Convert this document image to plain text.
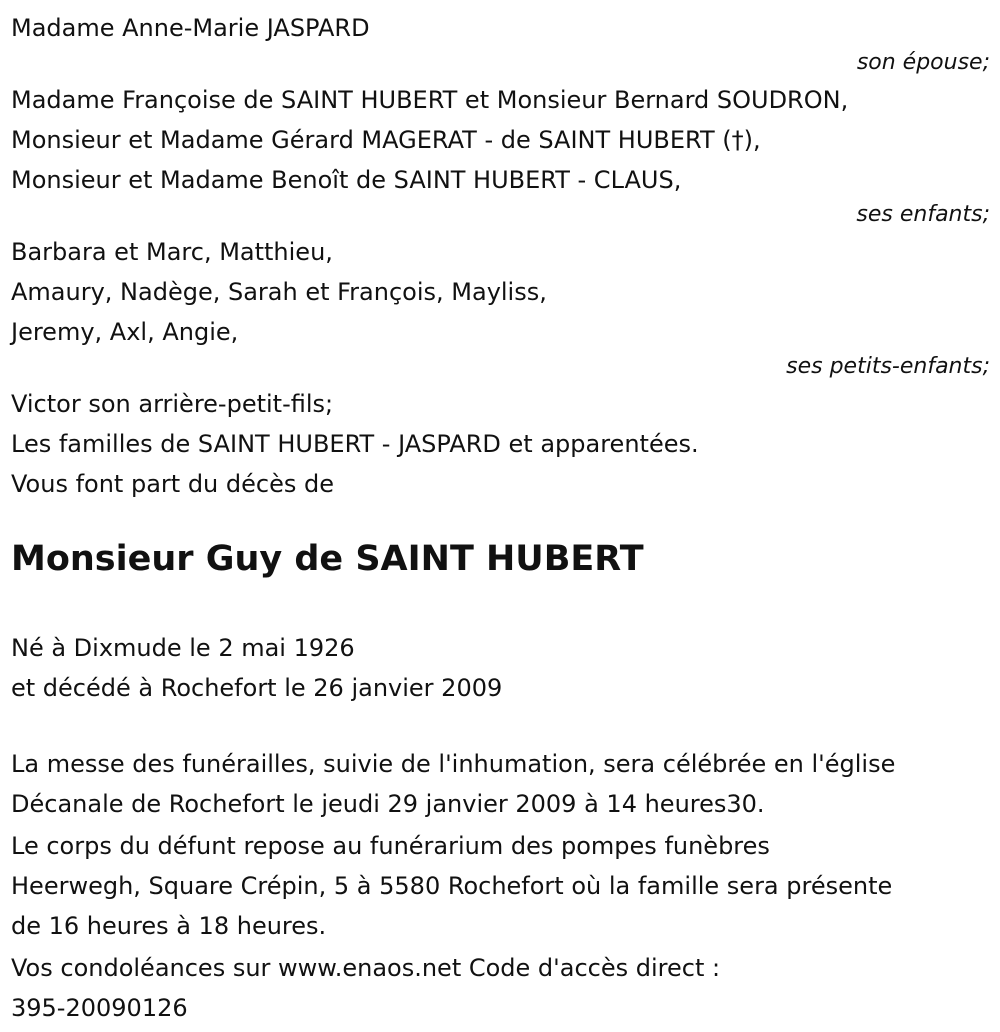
Madame Anne-Marie JASPARD

son épouse;

Madame Françoise de SAINT HUBERT et Monsieur Bernard SOUDRON,

Monsieur et Madame Gérard MAGERAT - de SAINT HUBERT (†),

Monsieur et Madame Benoît de SAINT HUBERT - CLAUS,

ses enfants;

Barbara et Marc, Matthieu,

Amaury, Nadège, Sarah et François, Mayliss,

Jeremy, Axl, Angie,

ses petits-enfants;

Victor son arrière-petit-fils;

Les familles de SAINT HUBERT - JASPARD et apparentées.

Vous font part du décès de

Monsieur Guy de SAINT HUBERT

Né à Dixmude le 2 mai 1926

et décédé à Rochefort le 26 janvier 2009

La messe des funérailles, suivie de l'inhumation, sera célébrée en l'église

Décanale de Rochefort le jeudi 29 janvier 2009 à 14 heures30.

Le corps du défunt repose au funérarium des pompes funèbres

Heerwegh, Square Crépin, 5 à 5580 Rochefort où la famille sera présente

de 16 heures à 18 heures.

Vos condoléances sur www.enaos.net Code d'accès direct :

395-20090126
